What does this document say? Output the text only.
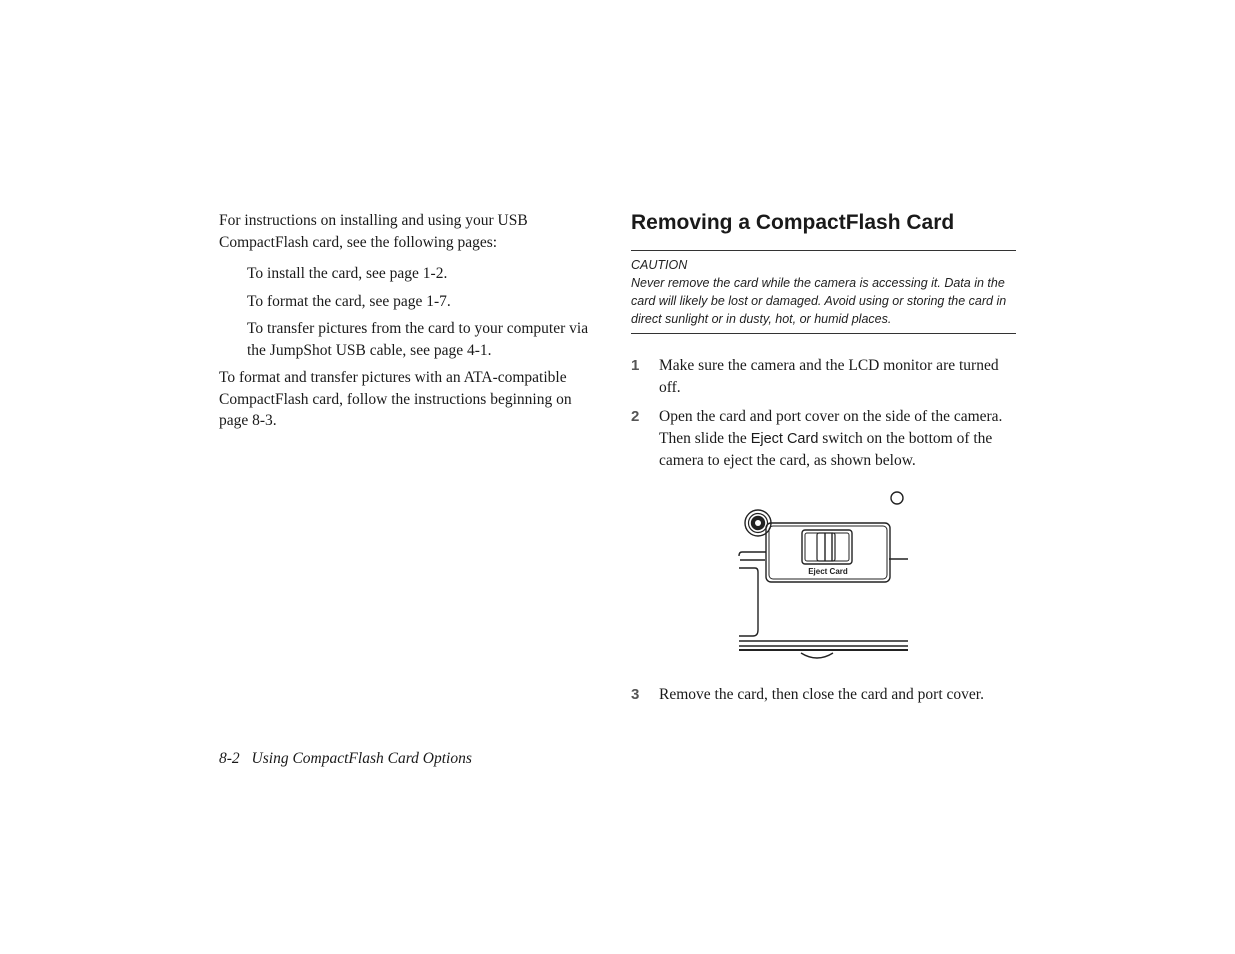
For instructions on installing and using your USB CompactFlash card, see the following pages:

To install the card, see page 1-2.

To format the card, see page 1-7.

To transfer pictures from the card to your computer via the JumpShot USB cable, see page 4-1.

To format and transfer pictures with an ATA-compatible CompactFlash card, follow the instructions beginning on page 8-3.

Removing a CompactFlash Card
CAUTION
Never remove the card while the camera is accessing it. Data in the card will likely be lost or damaged. Avoid using or storing the card in direct sunlight or in dusty, hot, or humid places.
1	Make sure the camera and the LCD monitor are turned off.
2	Open the card and port cover on the side of the camera. Then slide the Eject Card switch on the bottom of the camera to eject the card, as shown below.
Eject Card
3	Remove the card, then close the card and port cover.
8-2 Using CompactFlash Card Options
